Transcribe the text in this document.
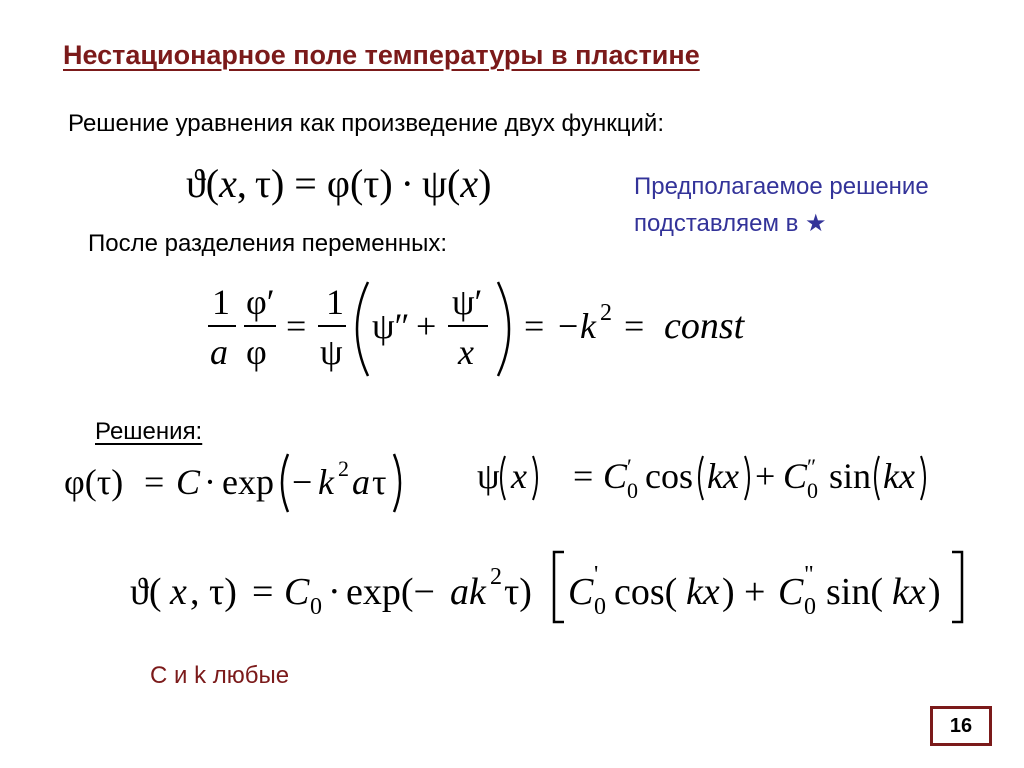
Нестационарное поле температуры в пластине
Решение уравнения как произведение двух функций:
ϑ(x, τ) = φ(τ) · ψ(x)	Предполагаемое решение
подставляем в ★
После разделения переменных:
1
a
φ′
φ
=
1
ψ
ψ″ +
ψ′
x
= − k 2 = const
Решения:
φ(τ) = C · exp − k 2 a τ	ψ x = C ′
0 cos kx + C ″
0 sin kx
ϑ( x , τ) = C 0 · exp(− ak 2 τ) C '
0 cos( kx ) + C "
0 sin( kx )
С и k любые
16
